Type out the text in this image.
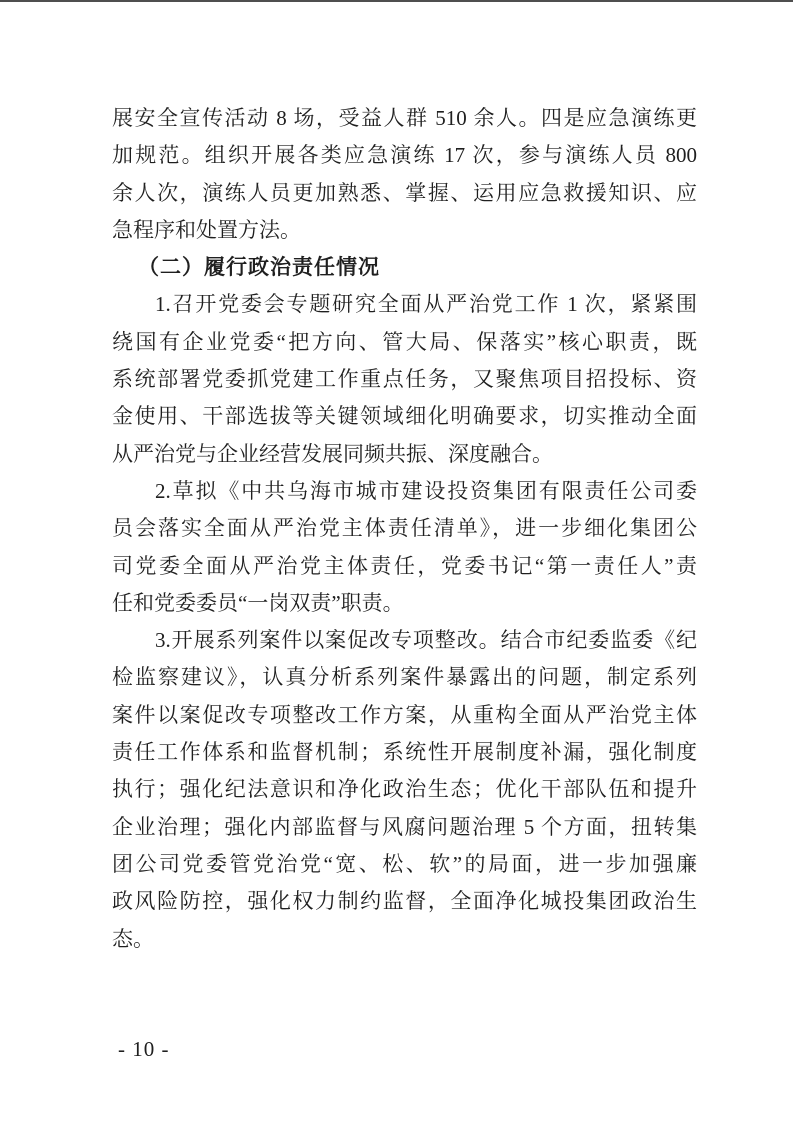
展安全宣传活动 8 场，受益人群 510 余人。四是应急演练更
加规范。组织开展各类应急演练 17 次，参与演练人员 800
余人次，演练人员更加熟悉、掌握、运用应急救援知识、应
急程序和处置方法。
（二）履行政治责任情况
1.召开党委会专题研究全面从严治党工作 1 次，紧紧围
绕国有企业党委“把方向、管大局、保落实”核心职责，既
系统部署党委抓党建工作重点任务，又聚焦项目招投标、资
金使用、干部选拔等关键领域细化明确要求，切实推动全面
从严治党与企业经营发展同频共振、深度融合。
2.草拟《中共乌海市城市建设投资集团有限责任公司委
员会落实全面从严治党主体责任清单》，进一步细化集团公
司党委全面从严治党主体责任，党委书记“第一责任人”责
任和党委委员“一岗双责”职责。
3.开展系列案件以案促改专项整改。结合市纪委监委《纪
检监察建议》，认真分析系列案件暴露出的问题，制定系列
案件以案促改专项整改工作方案，从重构全面从严治党主体
责任工作体系和监督机制；系统性开展制度补漏，强化制度
执行；强化纪法意识和净化政治生态；优化干部队伍和提升
企业治理；强化内部监督与风腐问题治理 5 个方面，扭转集
团公司党委管党治党“宽、松、软”的局面，进一步加强廉
政风险防控，强化权力制约监督，全面净化城投集团政治生
态。
- 10 -
